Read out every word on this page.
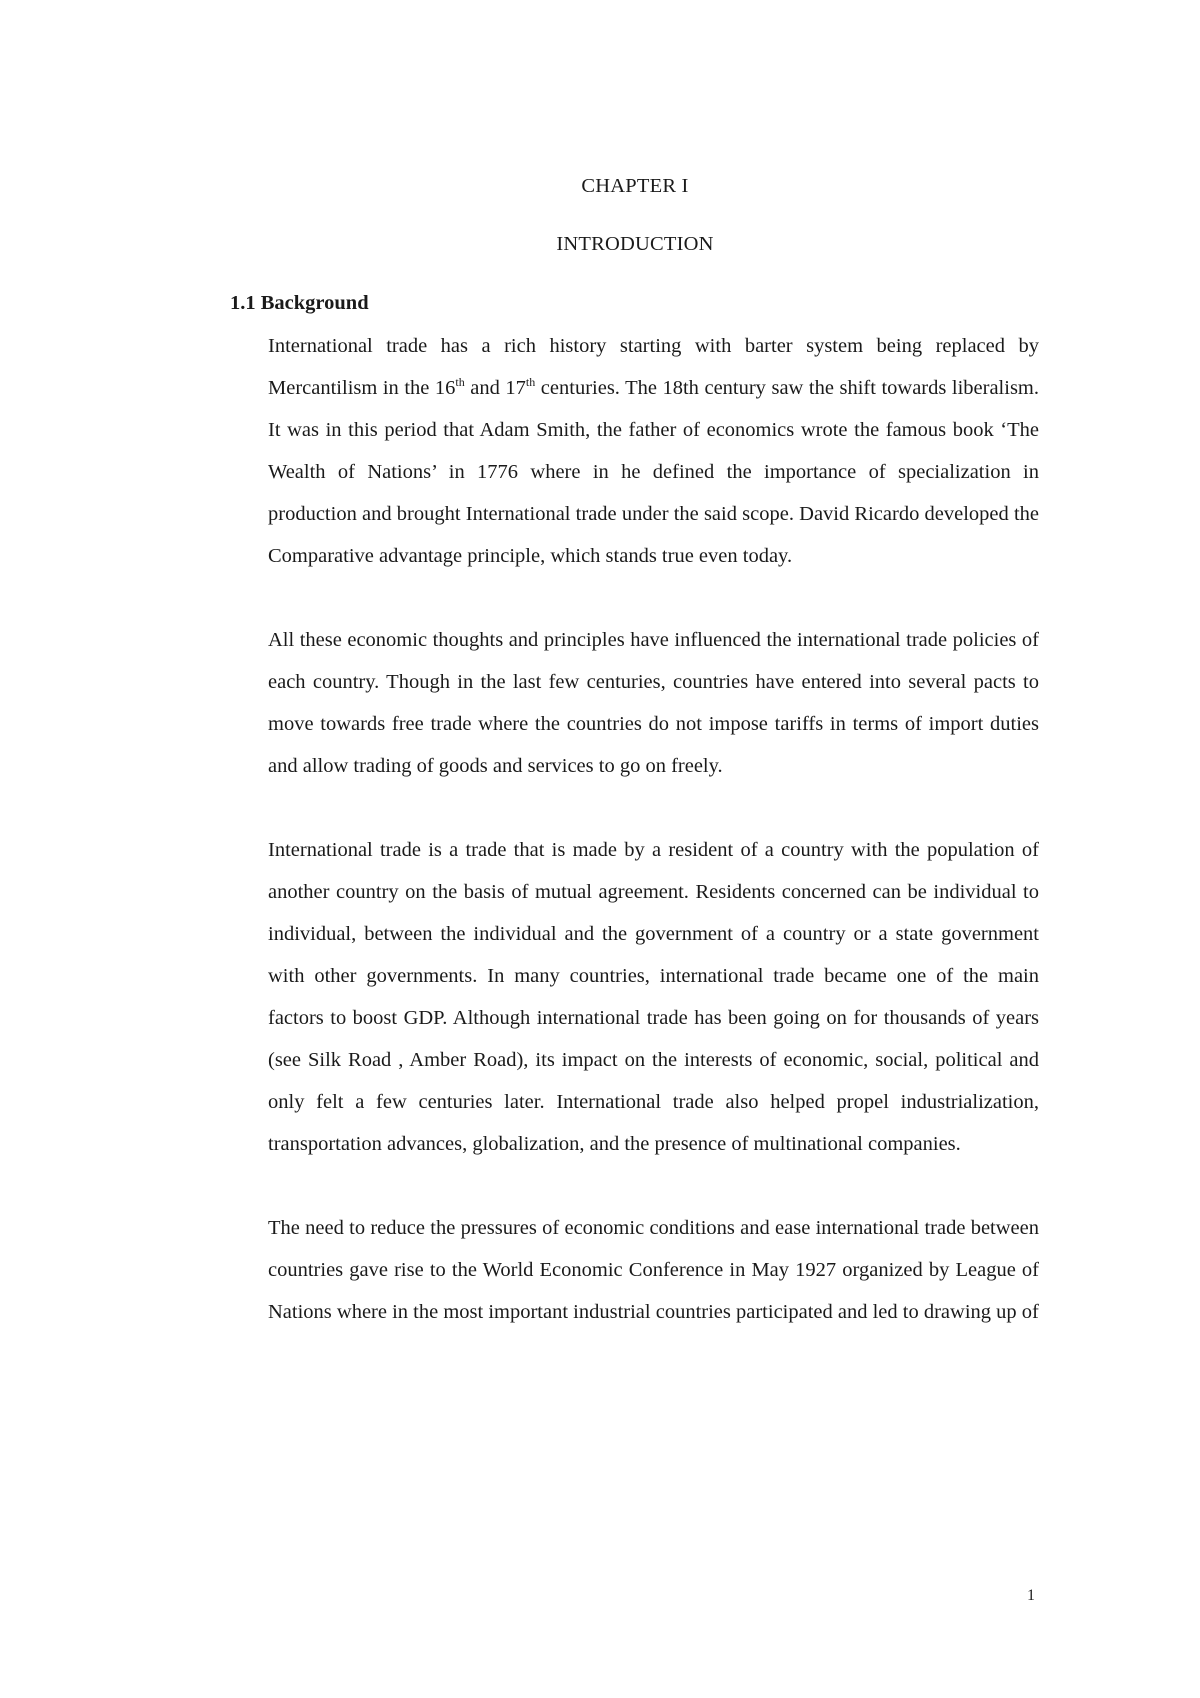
CHAPTER I
INTRODUCTION
1.1 Background

International trade has a rich history starting with barter system being replaced by Mercantilism in the 16th and 17th centuries. The 18th century saw the shift towards liberalism. It was in this period that Adam Smith, the father of economics wrote the famous book ‘The Wealth of Nations’ in 1776 where in he defined the importance of specialization in production and brought International trade under the said scope. David Ricardo developed the Comparative advantage principle, which stands true even today.

All these economic thoughts and principles have influenced the international trade policies of each country. Though in the last few centuries, countries have entered into several pacts to move towards free trade where the countries do not impose tariffs in terms of import duties and allow trading of goods and services to go on freely.

International trade is a trade that is made by a resident of a country with the population of another country on the basis of mutual agreement. Residents concerned can be individual to individual, between the individual and the government of a country or a state government with other governments. In many countries, international trade became one of the main factors to boost GDP. Although international trade has been going on for thousands of years (see Silk Road , Amber Road), its impact on the interests of economic, social, political and only felt a few centuries later. International trade also helped propel industrialization, transportation advances, globalization, and the presence of multinational companies.

The need to reduce the pressures of economic conditions and ease international trade between countries gave rise to the World Economic Conference in May 1927 organized by League of Nations where in the most important industrial countries participated and led to drawing up of

1
